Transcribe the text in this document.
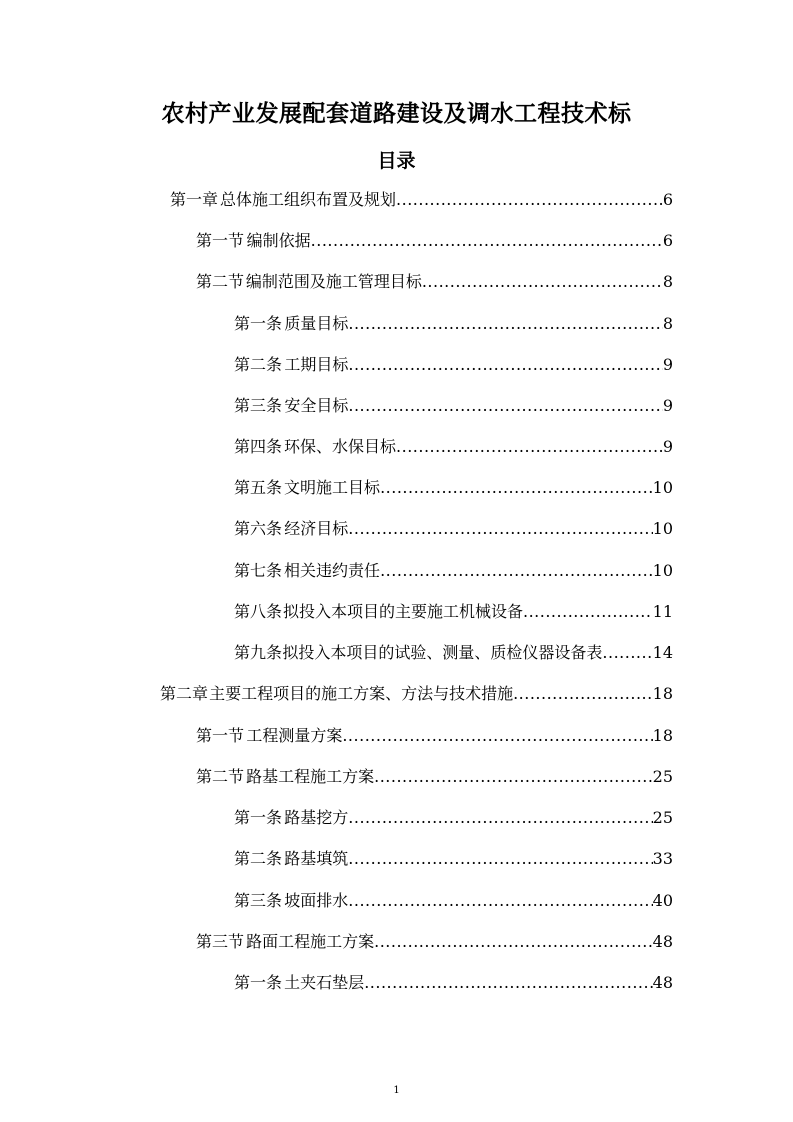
农村产业发展配套道路建设及调水工程技术标
目录
第一章 总体施工组织布置及规划 .....	6
第一节 编制依据 .....	6
第二节 编制范围及施工管理目标 .....	8
第一条 质量目标 .....	8
第二条 工期目标 .....	9
第三条 安全目标 .....	9
第四条 环保、水保目标 .....	9
第五条 文明施工目标 .....	10
第六条 经济目标 .....	10
第七条 相关违约责任 .....	10
第八条 拟投入本项目的主要施工机械设备 .....	11
第九条 拟投入本项目的试验、测量、质检仪器设备表 .....	14
第二章 主要工程项目的施工方案、方法与技术措施 .....	18
第一节 工程测量方案 .....	18
第二节 路基工程施工方案 .....	25
第一条 路基挖方 .....	25
第二条 路基填筑 .....	33
第三条 坡面排水 .....	40
第三节 路面工程施工方案 .....	48
第一条 土夹石垫层 .....	48
1
